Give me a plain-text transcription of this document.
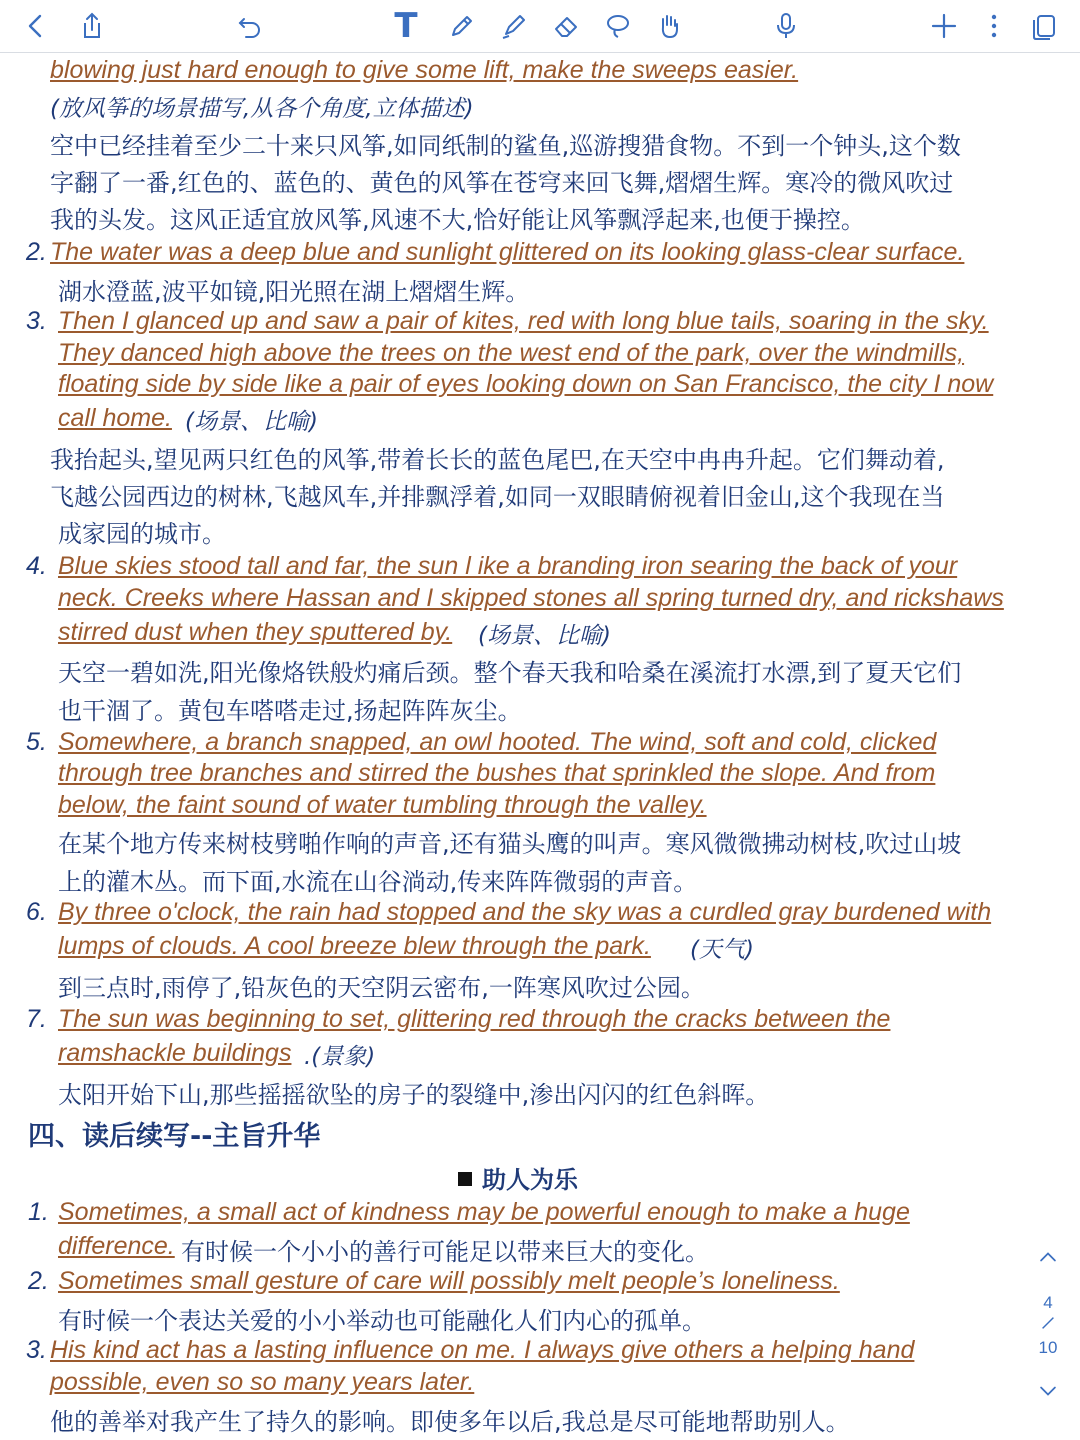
T
blowing just hard enough to give some lift, make the sweeps easier.
(放风筝的场景描写,从各个角度,立体描述)
空中已经挂着至少二十来只风筝,如同纸制的鲨鱼,巡游搜猎食物。不到一个钟头,这个数
字翻了一番,红色的、蓝色的、黄色的风筝在苍穹来回飞舞,熠熠生辉。寒冷的微风吹过
我的头发。这风正适宜放风筝,风速不大,恰好能让风筝飘浮起来,也便于操控。
2. The water was a deep blue and sunlight glittered on its looking glass-clear surface.
湖水澄蓝,波平如镜,阳光照在湖上熠熠生辉。
3. Then I glanced up and saw a pair of kites, red with long blue tails, soaring in the sky.
They danced high above the trees on the west end of the park, over the windmills,
floating side by side like a pair of eyes looking down on San Francisco, the city I now
call home. (场景、比喻)
我抬起头,望见两只红色的风筝,带着长长的蓝色尾巴,在天空中冉冉升起。它们舞动着,
飞越公园西边的树林,飞越风车,并排飘浮着,如同一双眼睛俯视着旧金山,这个我现在当
成家园的城市。
4. Blue skies stood tall and far, the sun l ike a branding iron searing the back of your
neck. Creeks where Hassan and I skipped stones all spring turned dry, and rickshaws
stirred dust when they sputtered by. (场景、比喻)
天空一碧如洗,阳光像烙铁般灼痛后颈。整个春天我和哈桑在溪流打水漂,到了夏天它们
也干涸了。黄包车嗒嗒走过,扬起阵阵灰尘。
5. Somewhere, a branch snapped, an owl hooted. The wind, soft and cold, clicked
through tree branches and stirred the bushes that sprinkled the slope. And from
below, the faint sound of water tumbling through the valley.
在某个地方传来树枝劈啪作响的声音,还有猫头鹰的叫声。寒风微微拂动树枝,吹过山坡
上的灌木丛。而下面,水流在山谷淌动,传来阵阵微弱的声音。
6. By three o'clock, the rain had stopped and the sky was a curdled gray burdened with
lumps of clouds. A cool breeze blew through the park. (天气)
到三点时,雨停了,铅灰色的天空阴云密布,一阵寒风吹过公园。
7. The sun was beginning to set, glittering red through the cracks between the
ramshackle buildings .(景象)
太阳开始下山,那些摇摇欲坠的房子的裂缝中,渗出闪闪的红色斜晖。
四、读后续写--主旨升华
助人为乐
1. Sometimes, a small act of kindness may be powerful enough to make a huge
difference. 有时候一个小小的善行可能足以带来巨大的变化。
2. Sometimes small gesture of care will possibly melt people’s loneliness.
有时候一个表达关爱的小小举动也可能融化人们内心的孤单。
3. His kind act has a lasting influence on me. I always give others a helping hand
possible, even so so many years later.
他的善举对我产生了持久的影响。即使多年以后,我总是尽可能地帮助别人。
4
10
